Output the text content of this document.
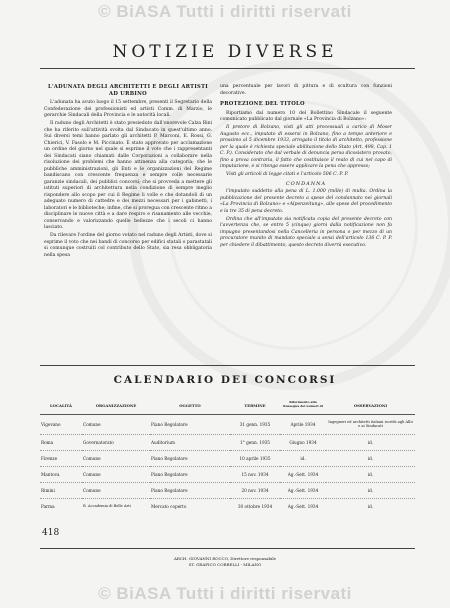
© BiASA Tutti i diritti riservati
NOTIZIE DIVERSE
L'ADUNATA DEGLI ARCHITETTI E DEGLI ARTISTI AD URBINO

L'adunata ha avuto luogo il 15 settembre, presenti il Segretario della Confederazione dei professionisti ed artisti Comm. di Marzio, le gerarchie Sindacali della Provincia e le autorità locali.

Il raduno degli Architetti è stato presieduto dall'onorevole Calza Bini che ha riferito sull'attività svolta dal Sindacato in quest'ultimo anno. Sui diversi temi hanno parlato gli architetti P. Marconi, E. Rossi, G. Chierici, V. Fasolo e M. Piccinato. È stato approvato per acclamazione un ordine del giorno nel quale si esprime il voto che i rappresentanti dei Sindacati siano chiamati dalle Corporazioni a collaborare nella risoluzione dei problemi che hanno attinenza alla categoria; che le pubbliche amministrazioni, gli Enti e le organizzazioni del Regime bandiscano con crescente frequenza e sempre colle necessarie garanzie sindacali, dei pubblici concorsi; che si provveda a mettere gli istituti superiori di architettura nella condizione di sempre meglio rispondere allo scopo per cui il Regime li volle e che dotandoli di un adeguato numero di cattedre e dei mezzi necessari per i gabinetti, i laboratori e le biblioteche; infine, che si proregua con crescente ritmo a disciplinare le nuove città e a dare respiro e risanamento alle vecchie, conservando e valorizzando quelle bellezze che i secoli ci hanno lasciato.

Da rilevare l'ordine del giorno votato nel raduno degli Artisti, dove si esprime il voto che nei bandi di concorso per edifici statali o parastatali si comunque costruiti col contributo dello Stato, sia resa obbligatoria nella spesa

una percentuale per lavori di pittura e di scultura con funzioni decorative.

PROTEZIONE DEL TITOLO

Riportiamo dal numero 10 del Bollettino Sindacale il seguente comunicato pubblicato dal giornale «La Provincia di Bolzano»:

Il pretore di Bolzano, visti gli atti processuali a carico di Moser Augusto ecc., imputato di essersi in Bolzano, fino a tempo anteriore e prossimo al 5 dicembre 1933, arrogato il titolo di architetto, professione per la quale è richiesta speciale abilitazione dello Stato (Art. 498, Cap. 1 C. P.). Considerato che dal verbale di denuncia persa dicosistero provato, fino a prova contraria, il fatto che costituisce il reato di cui nel capo di imputazione, e si ritenga essere applicare la pena che appresso;

Visti gli articoli di legge citati e l'articolo 506 C. P. P.

CONDANNA

l'imputato suddetto alla pena di L. 1.000 (mille) di multa. Ordina la pubblicazione del presente decreto a spese del condannato nei giornali «La Provincia di Bolzano» e «Alpenzeitung», alle spese del procedimento e la tre 35 di pena decreto.

Ordina che all'imputato sia notificata copia del presente decreto con l'avvertenza che, se entro 5 (cinque) giorni dalla notificazione non fa impugno presentandosi nella Cancelleria in persona o per mezzo di un procuratore munito di mandato speciale a sensi dell'articolo 136 C. P. P. per chiedere il dibattimento, questo decreto diverrà esecutivo.

CALENDARIO DEI CONCORSI
LOCALITÀ	ORGANIZZAZIONE	OGGETTO	TERMINE	Riferimento alla Rassegna dei numeri di	OSSERVAZIONI
Vigevano	Comune	Piano Regolatore	31 genn. 1935	Aprile 1934	Ingegneri ed architetti italiani iscritti agli Albi e ai Sindacati
Roma	Governatorato	Auditorium	1° genn. 1935	Giugno 1934	id.
Firenze	Comune	Piano Regolatore	10 aprile 1935	id.	id.
Mantova	Comune	Piano Regolatore	15 nov. 1934	Ag.-Sett. 1934	id.
Rimini	Comune	Piano Regolatore	20 nov. 1934	Ag.-Sett. 1934	id.
Parma	R. Accademia di Belle Arti	Mercato coperto	30 ottobre 1934	Ag.-Sett. 1934	id.
418
ARCH. GIOVANNI ROCCO, Direttore responsabile
ST. GRAFICO CORRELLI - MILANO
© BiASA Tutti i diritti riservati
